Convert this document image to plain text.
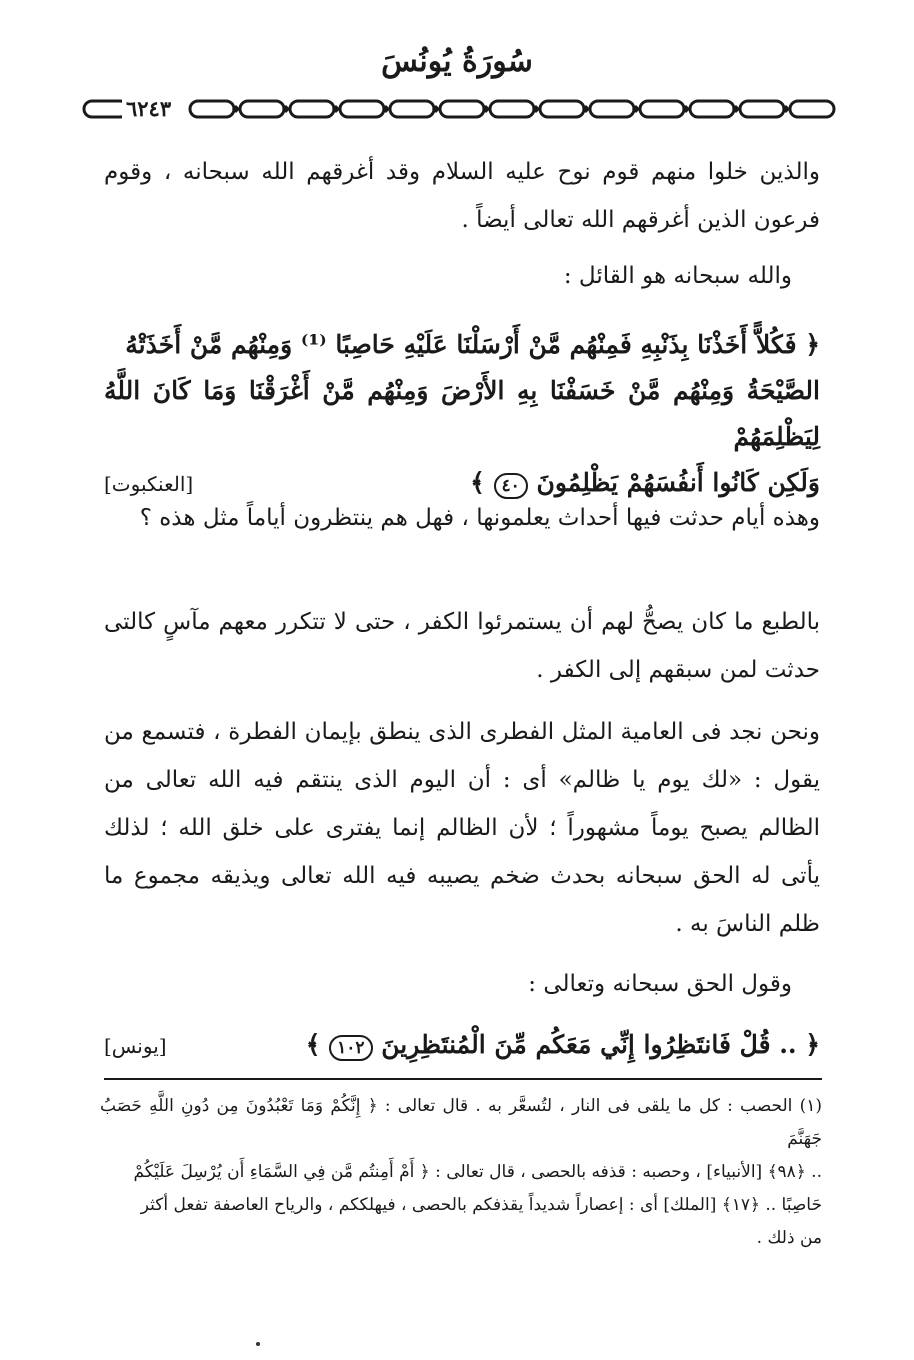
سُورَةُ يُونُسَ
٦٢٤٣

والذين خلوا منهم قوم نوح عليه السلام وقد أغرقهم الله سبحانه ، وقوم فرعون الذين أغرقهم الله تعالى أيضاً .

والله سبحانه هو القائل :

﴿ فَكُلاًّ أَخَذْنَا بِذَنْبِهِ فَمِنْهُم مَّنْ أَرْسَلْنَا عَلَيْهِ حَاصِبًا ⁽¹⁾ وَمِنْهُم مَّنْ أَخَذَتْهُ
الصَّيْحَةُ وَمِنْهُم مَّنْ خَسَفْنَا بِهِ الأَرْضَ وَمِنْهُم مَّنْ أَغْرَقْنَا وَمَا كَانَ اللَّهُ لِيَظْلِمَهُمْ
وَلَكِن كَانُوا أَنفُسَهُمْ يَظْلِمُونَ ٤٠ ﴾
[العنكبوت]

وهذه أيام حدثت فيها أحداث يعلمونها ، فهل هم ينتظرون أياماً مثل هذه ؟

بالطبع ما كان يصحُّ لهم أن يستمرئوا الكفر ، حتى لا تتكرر معهم مآسٍ كالتى حدثت لمن سبقهم إلى الكفر .

ونحن نجد فى العامية المثل الفطرى الذى ينطق بإيمان الفطرة ، فتسمع من يقول : «لك يوم يا ظالم» أى : أن اليوم الذى ينتقم فيه الله تعالى من الظالم يصبح يوماً مشهوراً ؛ لأن الظالم إنما يفترى على خلق الله ؛ لذلك يأتى له الحق سبحانه بحدث ضخم يصيبه فيه الله تعالى ويذيقه مجموع ما ظلم الناسَ به .

وقول الحق سبحانه وتعالى :

﴿ .. قُلْ فَانتَظِرُوا إِنِّي مَعَكُم مِّنَ الْمُنتَظِرِينَ ١٠٢ ﴾
[يونس]

(١) الحصب : كل ما يلقى فى النار ، لتُسعَّر به . قال تعالى : ﴿ إِنَّكُمْ وَمَا تَعْبُدُونَ مِن دُونِ اللَّهِ حَصَبُ جَهَنَّمَ

.. ﴿٩٨﴾ [الأنبياء] ، وحصبه : قذفه بالحصى ، قال تعالى : ﴿ أَمْ أَمِنتُم مَّن فِي السَّمَاءِ أَن يُرْسِلَ عَلَيْكُمْ

حَاصِبًا .. ﴿١٧﴾ [الملك] أى : إعصاراً شديداً يقذفكم بالحصى ، فيهلككم ، والرياح العاصفة تفعل أكثر

من ذلك .
